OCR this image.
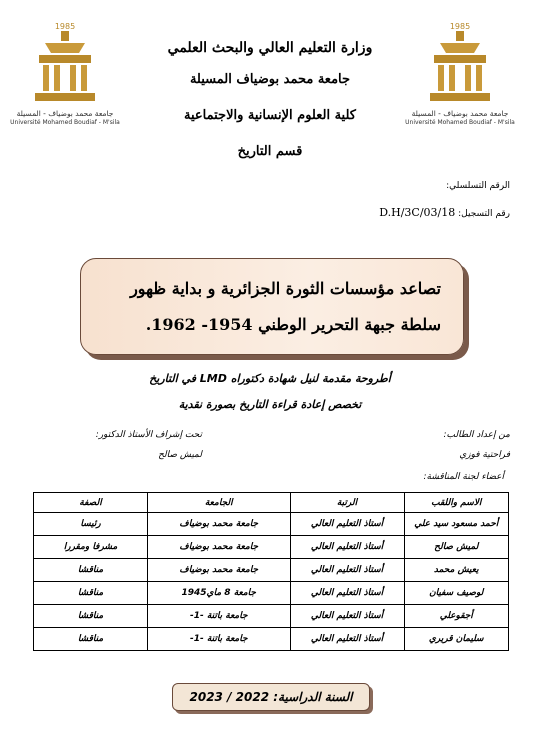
1985
جامعة محمد بوضياف - المسيلة
Université Mohamed Boudiaf - M'sila
1985
جامعة محمد بوضياف - المسيلة
Université Mohamed Boudiaf - M'sila
وزارة التعليم العالي والبحث العلمي
جامعة محمد بوضياف المسيلة
كلية العلوم الإنسانية والاجتماعية
قسم التاريخ
الرقم التسلسلي:
رقم التسجيل: D.H/3C/03/18
تصاعد مؤسسات الثورة الجزائرية و بداية ظهور
سلطة جبهة التحرير الوطني 1954- 1962.
أطروحة مقدمة لنيل شهادة دكتوراه LMD في التاريخ
تخصص إعادة قراءة التاريخ بصورة نقدية
من إعداد الطالب:
فراحتية فوزي
تحت إشراف الأستاذ الدكتور:
لميش صالح
أعضاء لجنة المناقشة:
الاسم واللقب	الرتبة	الجامعة	الصفة
أحمد مسعود سيد علي	أستاذ التعليم العالي	جامعة محمد بوضياف	رئيسا
لميش صالح	أستاذ التعليم العالي	جامعة محمد بوضياف	مشرفا ومقررا
يعيش محمد	أستاذ التعليم العالي	جامعة محمد بوضياف	مناقشا
لوصيف سفيان	أستاذ التعليم العالي	جامعة 8 ماي1945	مناقشا
أجقوعلي	أستاذ التعليم العالي	جامعة باتنة -1-	مناقشا
سليمان قريري	أستاذ التعليم العالي	جامعة باتنة -1-	مناقشا
السنة الدراسية: 2022 / 2023
